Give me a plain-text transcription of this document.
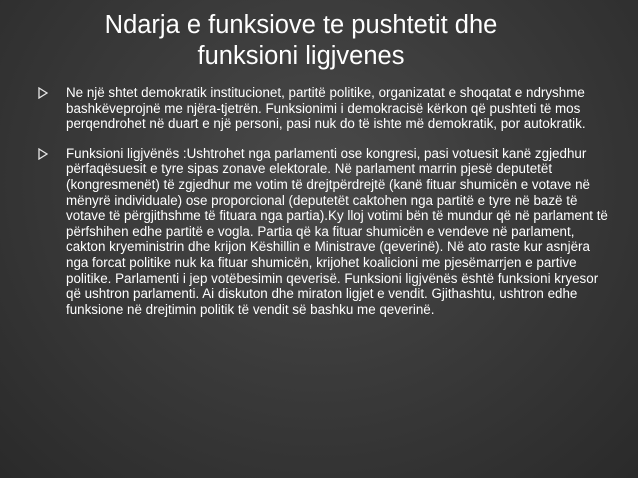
Ndarja e funksiove te pushtetit dhe
funksioni ligjvenes
Ne një shtet demokratik institucionet, partitë politike, organizatat e shoqatat e ndryshme bashkëveprojnë me njëra-tjetrën. Funksionimi i demokracisë kërkon që pushteti të mos perqendrohet në duart e një personi, pasi nuk do të ishte më demokratik, por autokratik.
Funksioni ligjvënës :Ushtrohet nga parlamenti ose kongresi, pasi votuesit kanë zgjedhur përfaqësuesit e tyre sipas zonave elektorale. Në parlament marrin pjesë deputetët (kongresmenët) të zgjedhur me votim të drejtpërdrejtë (kanë fituar shumicën e votave në mënyrë individuale) ose proporcional (deputetët caktohen nga partitë e tyre në bazë të votave të përgjithshme të fituara nga partia).Ky lloj votimi bën të mundur që në parlament të përfshihen edhe partitë e vogla. Partia që ka fituar shumicën e vendeve në parlament, cakton kryeministrin dhe krijon Këshillin e Ministrave (qeverinë). Në ato raste kur asnjëra nga forcat politike nuk ka fituar shumicën, krijohet koalicioni me pjesëmarrjen e partive politike. Parlamenti i jep votëbesimin qeverisë. Funksioni ligjvënës është funksioni kryesor që ushtron parlamenti. Ai diskuton dhe miraton ligjet e vendit. Gjithashtu, ushtron edhe funksione në drejtimin politik të vendit së bashku me qeverinë.
